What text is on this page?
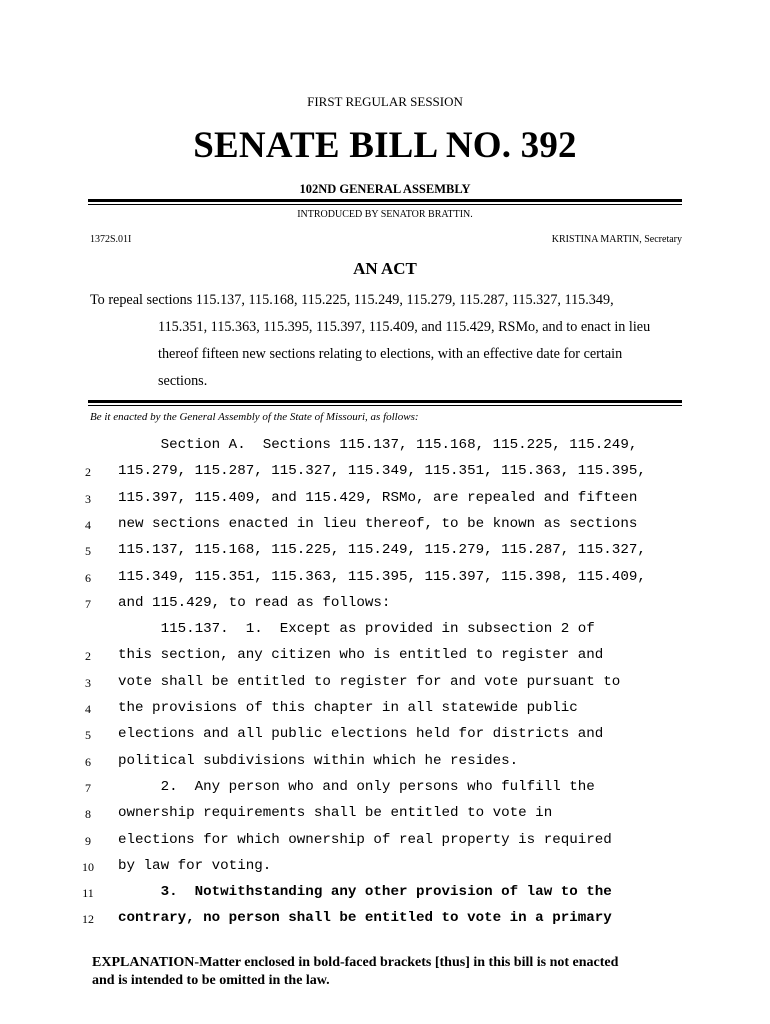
FIRST REGULAR SESSION
SENATE BILL NO. 392
102ND GENERAL ASSEMBLY
INTRODUCED BY SENATOR BRATTIN.
1372S.01I	KRISTINA MARTIN, Secretary
AN ACT
To repeal sections 115.137, 115.168, 115.225, 115.249, 115.279, 115.287, 115.327, 115.349,
115.351, 115.363, 115.395, 115.397, 115.409, and 115.429, RSMo, and to enact in lieu
thereof fifteen new sections relating to elections, with an effective date for certain
sections.
Be it enacted by the General Assembly of the State of Missouri, as follows:
Section A.  Sections 115.137, 115.168, 115.225, 115.249,
2	115.279, 115.287, 115.327, 115.349, 115.351, 115.363, 115.395,
3	115.397, 115.409, and 115.429, RSMo, are repealed and fifteen
4	new sections enacted in lieu thereof, to be known as sections
5	115.137, 115.168, 115.225, 115.249, 115.279, 115.287, 115.327,
6	115.349, 115.351, 115.363, 115.395, 115.397, 115.398, 115.409,
7	and 115.429, to read as follows:
115.137.  1.  Except as provided in subsection 2 of
2	this section, any citizen who is entitled to register and
3	vote shall be entitled to register for and vote pursuant to
4	the provisions of this chapter in all statewide public
5	elections and all public elections held for districts and
6	political subdivisions within which he resides.
7	2.  Any person who and only persons who fulfill the
8	ownership requirements shall be entitled to vote in
9	elections for which ownership of real property is required
10	by law for voting.
11	3.  Notwithstanding any other provision of law to the
12	contrary, no person shall be entitled to vote in a primary
EXPLANATION-Matter enclosed in bold-faced brackets [thus] in this bill is not enacted
and is intended to be omitted in the law.
